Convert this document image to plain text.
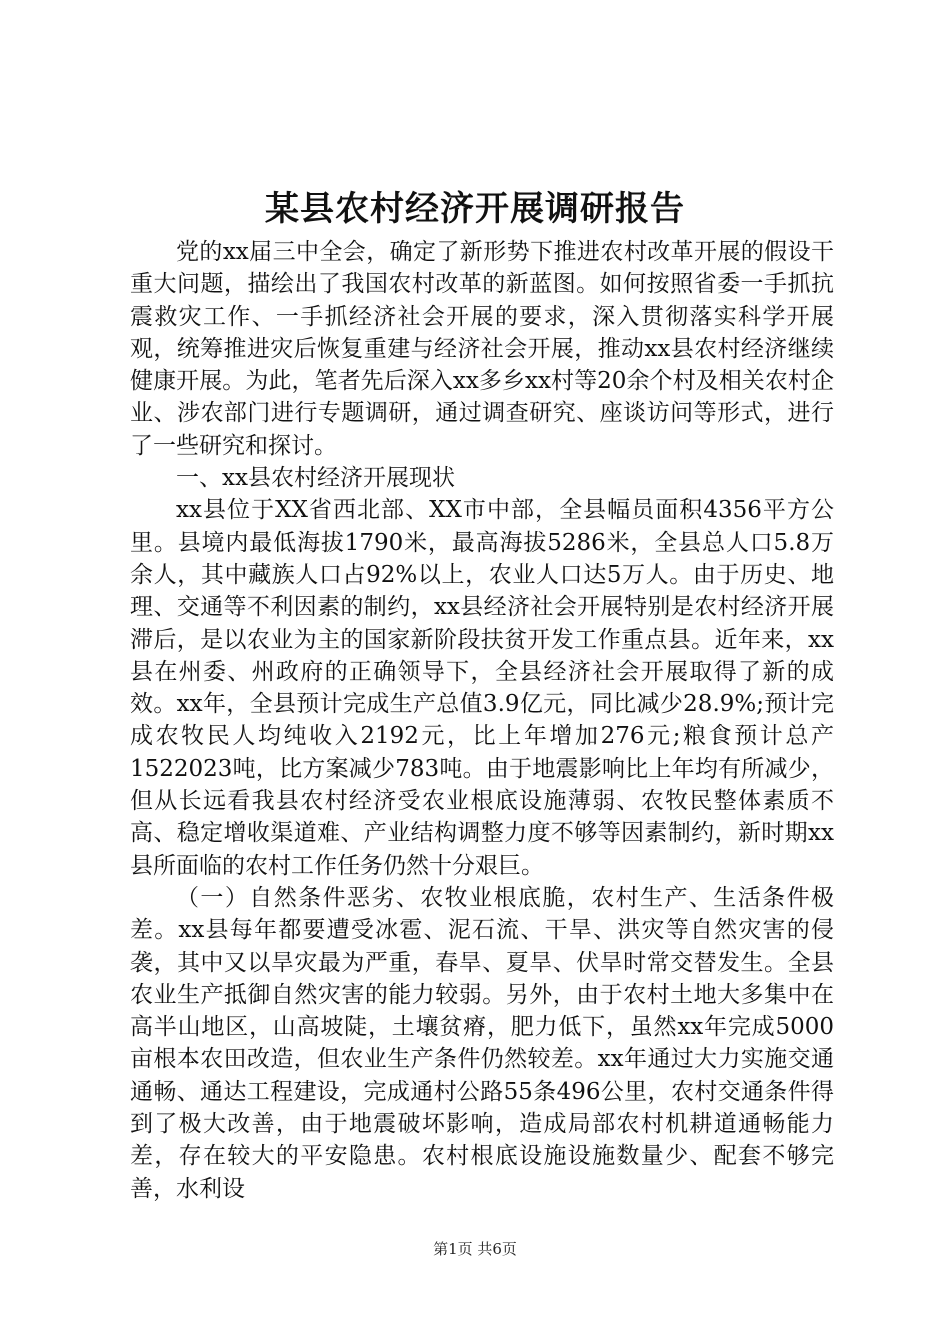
某县农村经济开展调研报告

党的xx届三中全会，确定了新形势下推进农村改革开展的假设干重大问题，描绘出了我国农村改革的新蓝图。如何按照省委一手抓抗震救灾工作、一手抓经济社会开展的要求，深入贯彻落实科学开展观，统筹推进灾后恢复重建与经济社会开展，推动xx县农村经济继续健康开展。为此，笔者先后深入xx多乡xx村等20余个村及相关农村企业、涉农部门进行专题调研，通过调查研究、座谈访问等形式，进行了一些研究和探讨。

一、xx县农村经济开展现状

xx县位于XX省西北部、XX市中部，全县幅员面积4356平方公里。县境内最低海拔1790米，最高海拔5286米，全县总人口5.8万余人，其中藏族人口占92%以上，农业人口达5万人。由于历史、地理、交通等不利因素的制约，xx县经济社会开展特别是农村经济开展滞后，是以农业为主的国家新阶段扶贫开发工作重点县。近年来，xx县在州委、州政府的正确领导下，全县经济社会开展取得了新的成效。xx年，全县预计完成生产总值3.9亿元，同比减少28.9%;预计完成农牧民人均纯收入2192元，比上年增加276元;粮食预计总产1522023吨，比方案减少783吨。由于地震影响比上年均有所减少，但从长远看我县农村经济受农业根底设施薄弱、农牧民整体素质不高、稳定增收渠道难、产业结构调整力度不够等因素制约，新时期xx县所面临的农村工作任务仍然十分艰巨。

（一）自然条件恶劣、农牧业根底脆，农村生产、生活条件极差。xx县每年都要遭受冰雹、泥石流、干旱、洪灾等自然灾害的侵袭，其中又以旱灾最为严重，春旱、夏旱、伏旱时常交替发生。全县农业生产抵御自然灾害的能力较弱。另外，由于农村土地大多集中在高半山地区，山高坡陡，土壤贫瘠，肥力低下，虽然xx年完成5000亩根本农田改造，但农业生产条件仍然较差。xx年通过大力实施交通通畅、通达工程建设，完成通村公路55条496公里，农村交通条件得到了极大改善，由于地震破坏影响，造成局部农村机耕道通畅能力差，存在较大的平安隐患。农村根底设施设施数量少、配套不够完善，水利设

第1页 共6页
